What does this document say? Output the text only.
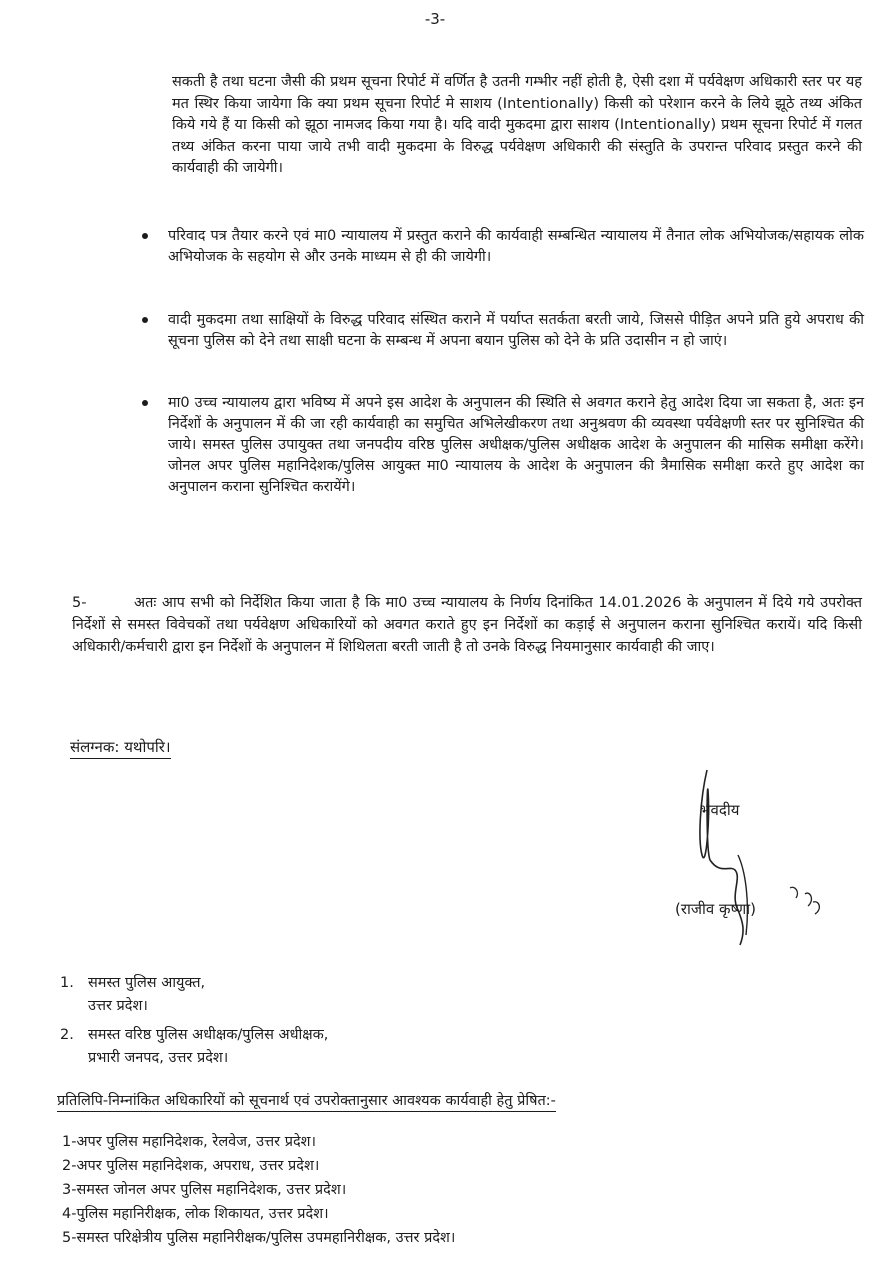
-3-
सकती है तथा घटना जैसी की प्रथम सूचना रिपोर्ट में वर्णित है उतनी गम्भीर नहीं होती है, ऐसी दशा में पर्यवेक्षण अधिकारी स्तर पर यह मत स्थिर किया जायेगा कि क्या प्रथम सूचना रिपोर्ट मे साशय (Intentionally) किसी को परेशान करने के लिये झूठे तथ्य अंकित किये गये हैं या किसी को झूठा नामजद किया गया है। यदि वादी मुकदमा द्वारा साशय (Intentionally) प्रथम सूचना रिपोर्ट में गलत तथ्य अंकित करना पाया जाये तभी वादी मुकदमा के विरुद्ध पर्यवेक्षण अधिकारी की संस्तुति के उपरान्त परिवाद प्रस्तुत करने की कार्यवाही की जायेगी।
परिवाद पत्र तैयार करने एवं मा0 न्यायालय में प्रस्तुत कराने की कार्यवाही सम्बन्धित न्यायालय में तैनात लोक अभियोजक/सहायक लोक अभियोजक के सहयोग से और उनके माध्यम से ही की जायेगी।
वादी मुकदमा तथा साक्षियों के विरुद्ध परिवाद संस्थित कराने में पर्याप्त सतर्कता बरती जाये, जिससे पीड़ित अपने प्रति हुये अपराध की सूचना पुलिस को देने तथा साक्षी घटना के सम्बन्ध में अपना बयान पुलिस को देने के प्रति उदासीन न हो जाएं।
मा0 उच्च न्यायालय द्वारा भविष्य में अपने इस आदेश के अनुपालन की स्थिति से अवगत कराने हेतु आदेश दिया जा सकता है, अतः इन निर्देशों के अनुपालन में की जा रही कार्यवाही का समुचित अभिलेखीकरण तथा अनुश्रवण की व्यवस्था पर्यवेक्षणी स्तर पर सुनिश्चित की जाये। समस्त पुलिस उपायुक्त तथा जनपदीय वरिष्ठ पुलिस अधीक्षक/पुलिस अधीक्षक आदेश के अनुपालन की मासिक समीक्षा करेंगे। जोनल अपर पुलिस महानिदेशक/पुलिस आयुक्त मा0 न्यायालय के आदेश के अनुपालन की त्रैमासिक समीक्षा करते हुए आदेश का अनुपालन कराना सुनिश्चित करायेंगे।
5-	अतः आप सभी को निर्देशित किया जाता है कि मा0 उच्च न्यायालय के निर्णय दिनांकित 14.01.2026 के अनुपालन में दिये गये उपरोक्त निर्देशों से समस्त विवेचकों तथा पर्यवेक्षण अधिकारियों को अवगत कराते हुए इन निर्देशों का कड़ाई से अनुपालन कराना सुनिश्चित करायें। यदि किसी अधिकारी/कर्मचारी द्वारा इन निर्देशों के अनुपालन में शिथिलता बरती जाती है तो उनके विरुद्ध नियमानुसार कार्यवाही की जाए।
संलग्नक: यथोपरि।
भवदीय
(राजीव कृष्णा)
1. समस्त पुलिस आयुक्त,
उत्तर प्रदेश।
2. समस्त वरिष्ठ पुलिस अधीक्षक/पुलिस अधीक्षक,
प्रभारी जनपद, उत्तर प्रदेश।
प्रतिलिपि-निम्नांकित अधिकारियों को सूचनार्थ एवं उपरोक्तानुसार आवश्यक कार्यवाही हेतु प्रेषित:-
1-अपर पुलिस महानिदेशक, रेलवेज, उत्तर प्रदेश।
2-अपर पुलिस महानिदेशक, अपराध, उत्तर प्रदेश।
3-समस्त जोनल अपर पुलिस महानिदेशक, उत्तर प्रदेश।
4-पुलिस महानिरीक्षक, लोक शिकायत, उत्तर प्रदेश।
5-समस्त परिक्षेत्रीय पुलिस महानिरीक्षक/पुलिस उपमहानिरीक्षक, उत्तर प्रदेश।
